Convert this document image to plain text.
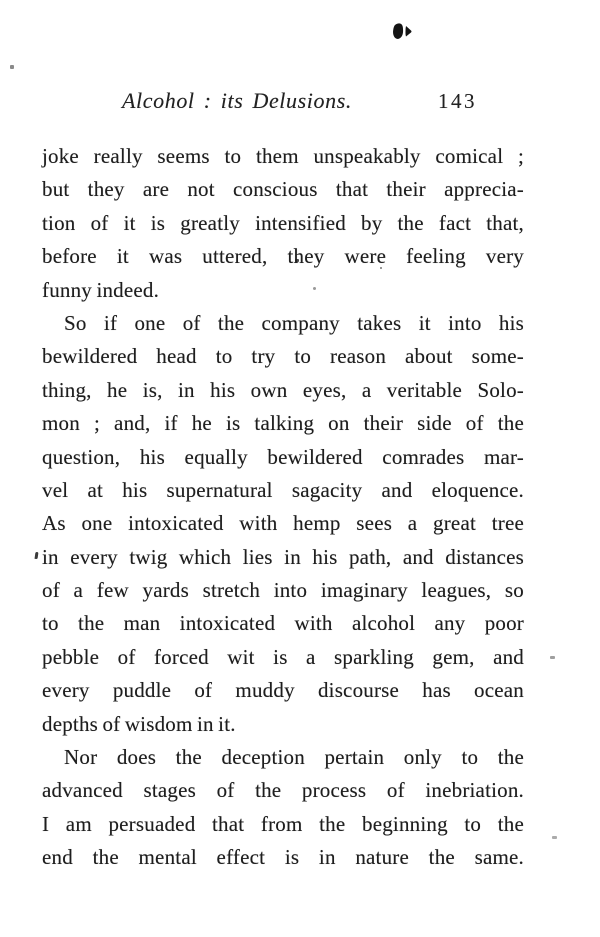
Alcohol : its Delusions.	143
joke really seems to them unspeakably comical ;
but they are not conscious that their apprecia-
tion of it is greatly intensified by the fact that,
before it was uttered, they were feeling very
funny indeed.
So if one of the company takes it into his
bewildered head to try to reason about some-
thing, he is, in his own eyes, a veritable Solo-
mon ; and, if he is talking on their side of the
question, his equally bewildered comrades mar-
vel at his supernatural sagacity and eloquence.
As one intoxicated with hemp sees a great tree
in every twig which lies in his path, and distances
of a few yards stretch into imaginary leagues, so
to the man intoxicated with alcohol any poor
pebble of forced wit is a sparkling gem, and
every puddle of muddy discourse has ocean
depths of wisdom in it.
Nor does the deception pertain only to the
advanced stages of the process of inebriation.
I am persuaded that from the beginning to the
end the mental effect is in nature the same.
